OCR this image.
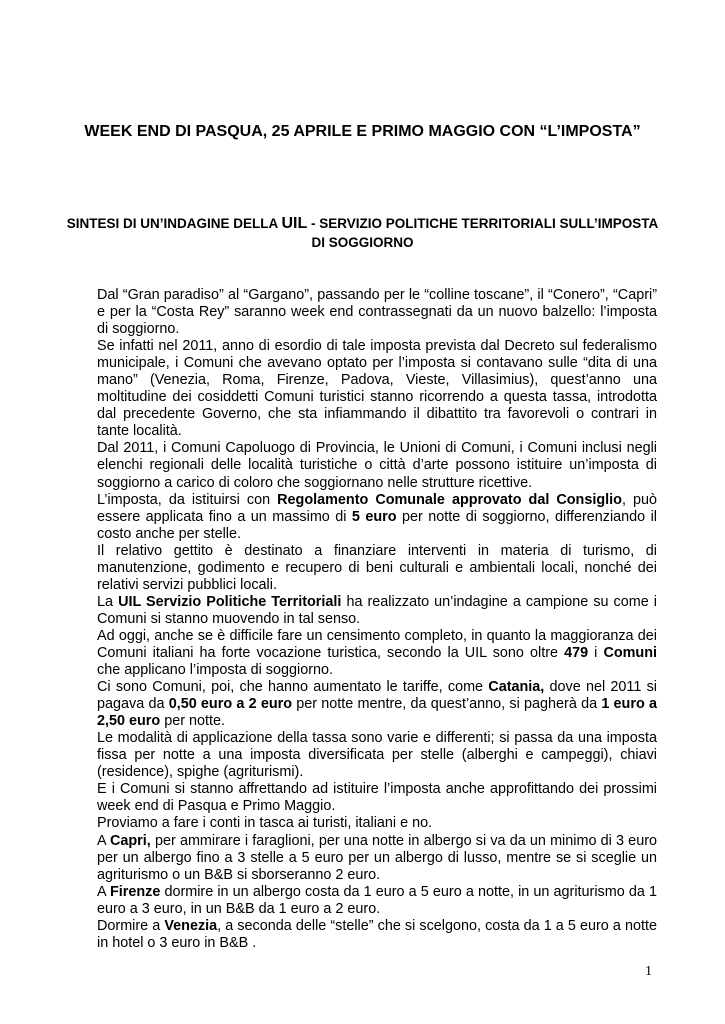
WEEK END DI PASQUA, 25 APRILE E PRIMO MAGGIO CON “L’IMPOSTA”
SINTESI DI UN’INDAGINE DELLA UIL - SERVIZIO POLITICHE TERRITORIALI SULL’IMPOSTA DI SOGGIORNO

Dal “Gran paradiso” al “Gargano”, passando per le “colline toscane”, il “Conero”, “Capri” e per la “Costa Rey” saranno week end contrassegnati da un nuovo balzello: l’imposta di soggiorno.

Se infatti nel 2011, anno di esordio di tale imposta prevista dal Decreto sul federalismo municipale, i Comuni che avevano optato per l’imposta si contavano sulle “dita di una mano” (Venezia, Roma, Firenze, Padova, Vieste, Villasimius), quest’anno una moltitudine dei cosiddetti Comuni turistici stanno ricorrendo a questa tassa, introdotta dal precedente Governo, che sta infiammando il dibattito tra favorevoli o contrari in tante località.

Dal 2011, i Comuni Capoluogo di Provincia, le Unioni di Comuni, i Comuni inclusi negli elenchi regionali delle località turistiche o città d’arte possono istituire un’imposta di soggiorno a carico di coloro che soggiornano nelle strutture ricettive.

L’imposta, da istituirsi con Regolamento Comunale approvato dal Consiglio, può essere applicata fino a un massimo di 5 euro per notte di soggiorno, differenziando il costo anche per stelle.

Il relativo gettito è destinato a finanziare interventi in materia di turismo, di manutenzione, godimento e recupero di beni culturali e ambientali locali, nonché dei relativi servizi pubblici locali.

La UIL Servizio Politiche Territoriali ha realizzato un’indagine a campione su come i Comuni si stanno muovendo in tal senso.

Ad oggi, anche se è difficile fare un censimento completo, in quanto la maggioranza dei Comuni italiani ha forte vocazione turistica, secondo la UIL sono oltre 479 i Comuni che applicano l’imposta di soggiorno.

Ci sono Comuni, poi, che hanno aumentato le tariffe, come Catania, dove nel 2011 si pagava da 0,50 euro a 2 euro per notte mentre, da quest’anno, si pagherà da 1 euro a 2,50 euro per notte.

Le modalità di applicazione della tassa sono varie e differenti; si passa da una imposta fissa per notte a una imposta diversificata per stelle (alberghi e campeggi), chiavi (residence), spighe (agriturismi).

E i Comuni si stanno affrettando ad istituire l’imposta anche approfittando dei prossimi week end di Pasqua e Primo Maggio.

Proviamo a fare i conti in tasca ai turisti, italiani e no.

A Capri, per ammirare i faraglioni, per una notte in albergo si va da un minimo di 3 euro per un albergo fino a 3 stelle a 5 euro per un albergo di lusso, mentre se si sceglie un agriturismo o un B&B si sborseranno 2 euro.

A Firenze dormire in un albergo costa da 1 euro a 5 euro a notte, in un agriturismo da 1 euro a 3 euro, in un B&B da 1 euro a 2 euro.

Dormire a Venezia, a seconda delle “stelle” che si scelgono, costa da 1 a 5 euro a notte in hotel o 3 euro in B&B .

1
